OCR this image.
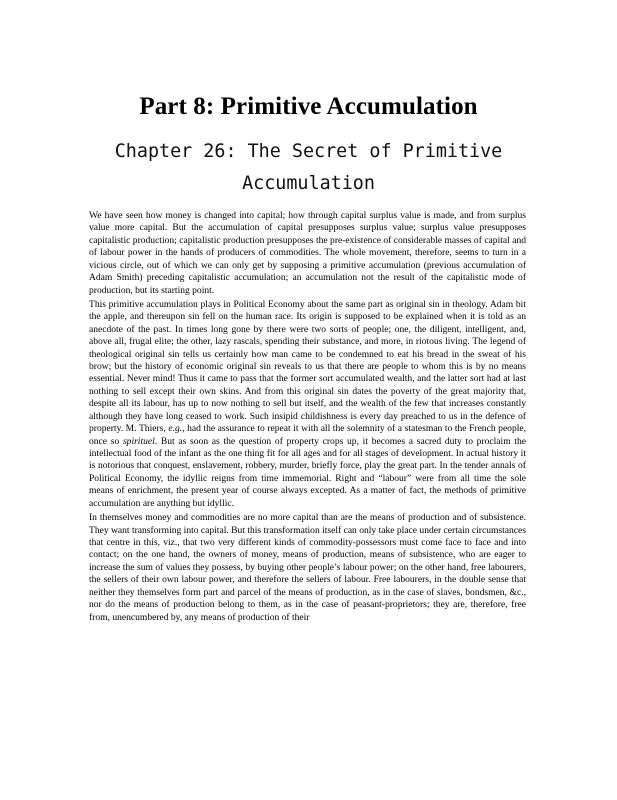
Part 8: Primitive Accumulation
Chapter 26: The Secret of Primitive Accumulation

We have seen how money is changed into capital; how through capital surplus value is made, and from surplus value more capital. But the accumulation of capital presupposes surplus value; surplus value presupposes capitalistic production; capitalistic production presupposes the pre-existence of considerable masses of capital and of labour power in the hands of producers of commodities. The whole movement, therefore, seems to turn in a vicious circle, out of which we can only get by supposing a primitive accumulation (previous accumulation of Adam Smith) preceding capitalistic accumulation; an accumulation not the result of the capitalistic mode of production, but its starting point.

This primitive accumulation plays in Political Economy about the same part as original sin in theology. Adam bit the apple, and thereupon sin fell on the human race. Its origin is supposed to be explained when it is told as an anecdote of the past. In times long gone by there were two sorts of people; one, the diligent, intelligent, and, above all, frugal elite; the other, lazy rascals, spending their substance, and more, in riotous living. The legend of theological original sin tells us certainly how man came to be condemned to eat his bread in the sweat of his brow; but the history of economic original sin reveals to us that there are people to whom this is by no means essential. Never mind! Thus it came to pass that the former sort accumulated wealth, and the latter sort had at last nothing to sell except their own skins. And from this original sin dates the poverty of the great majority that, despite all its labour, has up to now nothing to sell but itself, and the wealth of the few that increases constantly although they have long ceased to work. Such insipid childishness is every day preached to us in the defence of property. M. Thiers, e.g., had the assurance to repeat it with all the solemnity of a statesman to the French people, once so spirituel. But as soon as the question of property crops up, it becomes a sacred duty to proclaim the intellectual food of the infant as the one thing fit for all ages and for all stages of development. In actual history it is notorious that conquest, enslavement, robbery, murder, briefly force, play the great part. In the tender annals of Political Economy, the idyllic reigns from time immemorial. Right and “labour” were from all time the sole means of enrichment, the present year of course always excepted. As a matter of fact, the methods of primitive accumulation are anything but idyllic.

In themselves money and commodities are no more capital than are the means of production and of subsistence. They want transforming into capital. But this transformation itself can only take place under certain circumstances that centre in this, viz., that two very different kinds of commodity-possessors must come face to face and into contact; on the one hand, the owners of money, means of production, means of subsistence, who are eager to increase the sum of values they possess, by buying other people’s labour power; on the other hand, free labourers, the sellers of their own labour power, and therefore the sellers of labour. Free labourers, in the double sense that neither they themselves form part and parcel of the means of production, as in the case of slaves, bondsmen, &c., nor do the means of production belong to them, as in the case of peasant-proprietors; they are, therefore, free from, unencumbered by, any means of production of their
